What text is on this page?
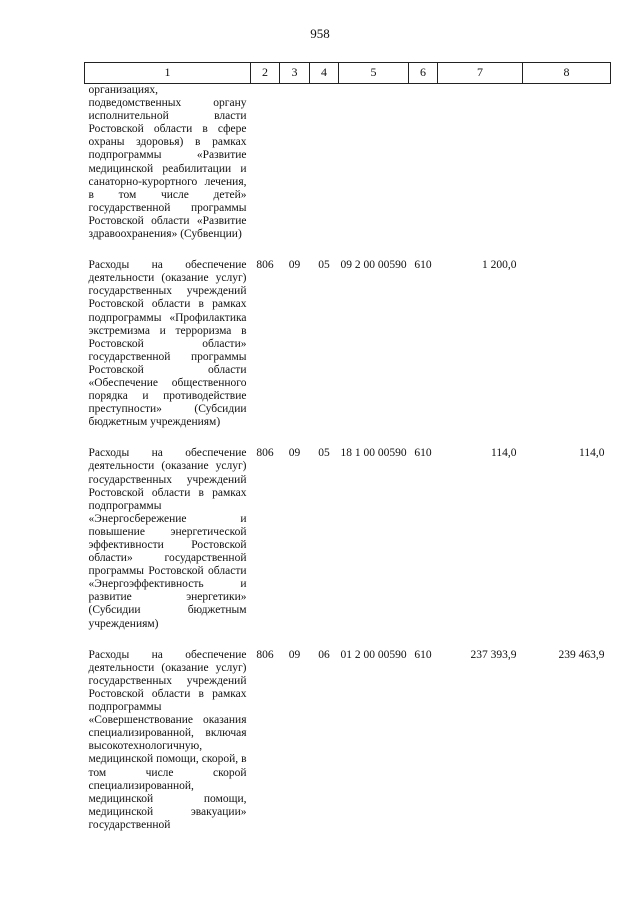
958
1	2	3	4	5	6	7	8
организациях, подведомственных органу исполнительной власти Ростовской области в сфере охраны здоровья) в рамках подпрограммы «Развитие медицинской реабилитации и санаторно-курортного лечения, в том числе детей» государственной программы Ростовской области «Развитие здравоохранения» (Субвенции)							

Расходы на обеспечение деятельности (оказание услуг) государственных учреждений Ростовской области в рамках подпрограммы «Профилактика экстремизма и терроризма в Ростовской области» государственной программы Ростовской области «Обеспечение общественного порядка и противодействие преступности» (Субсидии бюджетным учреждениям)	806	09	05	09 2 00 00590	610	1 200,0	

Расходы на обеспечение деятельности (оказание услуг) государственных учреждений Ростовской области в рамках подпрограммы «Энергосбережение и повышение энергетической эффективности Ростовской области» государственной программы Ростовской области «Энергоэффективность и развитие энергетики» (Субсидии бюджетным учреждениям)	806	09	05	18 1 00 00590	610	114,0	114,0

Расходы на обеспечение деятельности (оказание услуг) государственных учреждений Ростовской области в рамках подпрограммы «Совершенствование оказания специализированной, включая высокотехнологичную, медицинской помощи, скорой, в том числе скорой специализированной, медицинской помощи, медицинской эвакуации» государственной	806	09	06	01 2 00 00590	610	237 393,9	239 463,9
